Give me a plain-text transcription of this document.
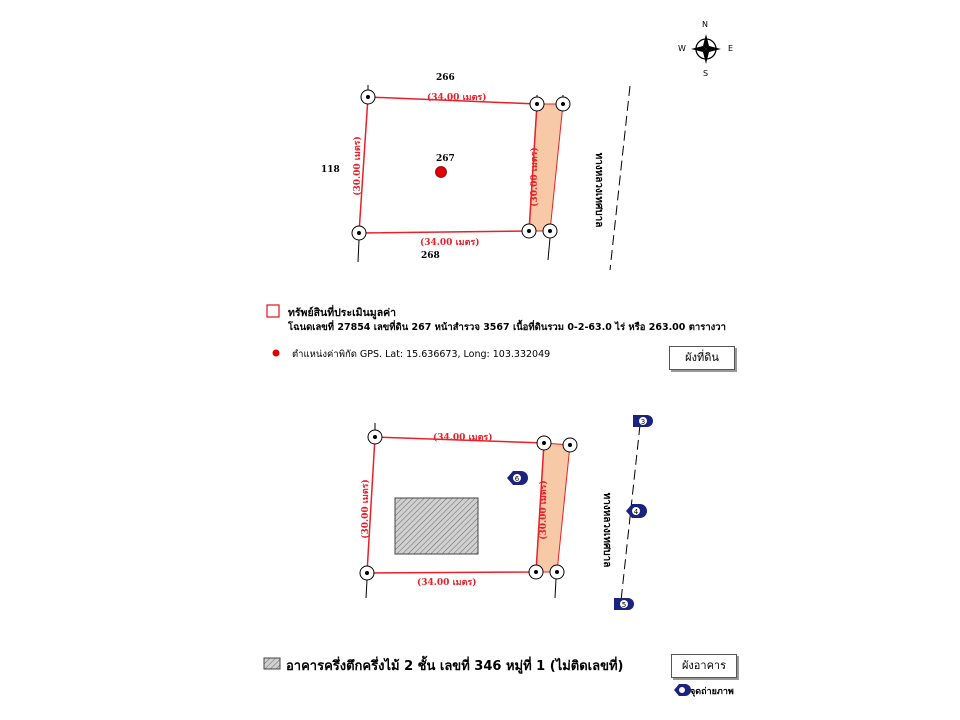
ทางหลวงเทศบาล
(30.00 เมตร)	(30.00 เมตร)
3
4
5
6
ทางหลวงเทศบาล
(30.00 เมตร)	(30.00 เมตร)
N
S
W	E
266
(34.00 เมตร)
267
118
(34.00 เมตร)
268
ทรัพย์สินที่ประเมินมูลค่า
โฉนดเลขที่ 27854 เลขที่ดิน 267 หน้าสำรวจ 3567 เนื้อที่ดินรวม 0-2-63.0 ไร่ หรือ 263.00 ตารางวา
ตำแหน่งค่าพิกัด GPS. Lat: 15.636673, Long: 103.332049	ผังที่ดิน
(34.00 เมตร)
(34.00 เมตร)
อาคารครึ่งตึกครึ่งไม้ 2 ชั้น เลขที่ 346 หมู่ที่ 1 (ไม่ติดเลขที่)	ผังอาคาร
จุดถ่ายภาพ
